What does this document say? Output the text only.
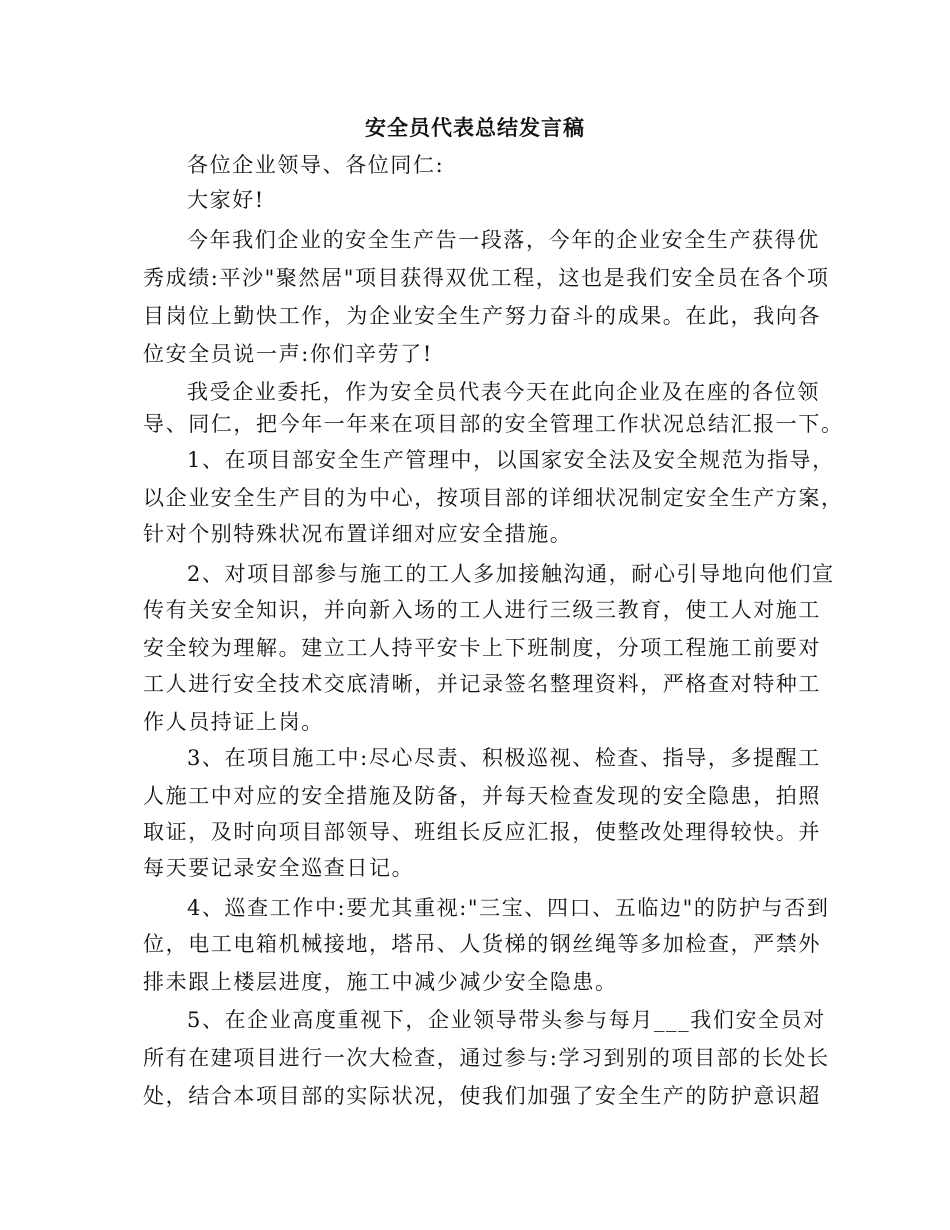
安全员代表总结发言稿
各位企业领导、各位同仁:
大家好!
今年我们企业的安全生产告一段落，今年的企业安全生产获得优
秀成绩:平沙"聚然居"项目获得双优工程，这也是我们安全员在各个项
目岗位上勤快工作，为企业安全生产努力奋斗的成果。在此，我向各
位安全员说一声:你们辛劳了!
我受企业委托，作为安全员代表今天在此向企业及在座的各位领
导、同仁，把今年一年来在项目部的安全管理工作状况总结汇报一下。
1、在项目部安全生产管理中，以国家安全法及安全规范为指导，
以企业安全生产目的为中心，按项目部的详细状况制定安全生产方案，
针对个别特殊状况布置详细对应安全措施。
2、对项目部参与施工的工人多加接触沟通，耐心引导地向他们宣
传有关安全知识，并向新入场的工人进行三级三教育，使工人对施工
安全较为理解。建立工人持平安卡上下班制度，分项工程施工前要对
工人进行安全技术交底清晰，并记录签名整理资料，严格查对特种工
作人员持证上岗。
3、在项目施工中:尽心尽责、积极巡视、检查、指导，多提醒工
人施工中对应的安全措施及防备，并每天检查发现的安全隐患，拍照
取证，及时向项目部领导、班组长反应汇报，使整改处理得较快。并
每天要记录安全巡查日记。
4、巡查工作中:要尤其重视:"三宝、四口、五临边"的防护与否到
位，电工电箱机械接地，塔吊、人货梯的钢丝绳等多加检查，严禁外
排未跟上楼层进度，施工中减少减少安全隐患。
5、在企业高度重视下，企业领导带头参与每月___我们安全员对
所有在建项目进行一次大检查，通过参与:学习到别的项目部的长处长
处，结合本项目部的实际状况，使我们加强了安全生产的防护意识超
